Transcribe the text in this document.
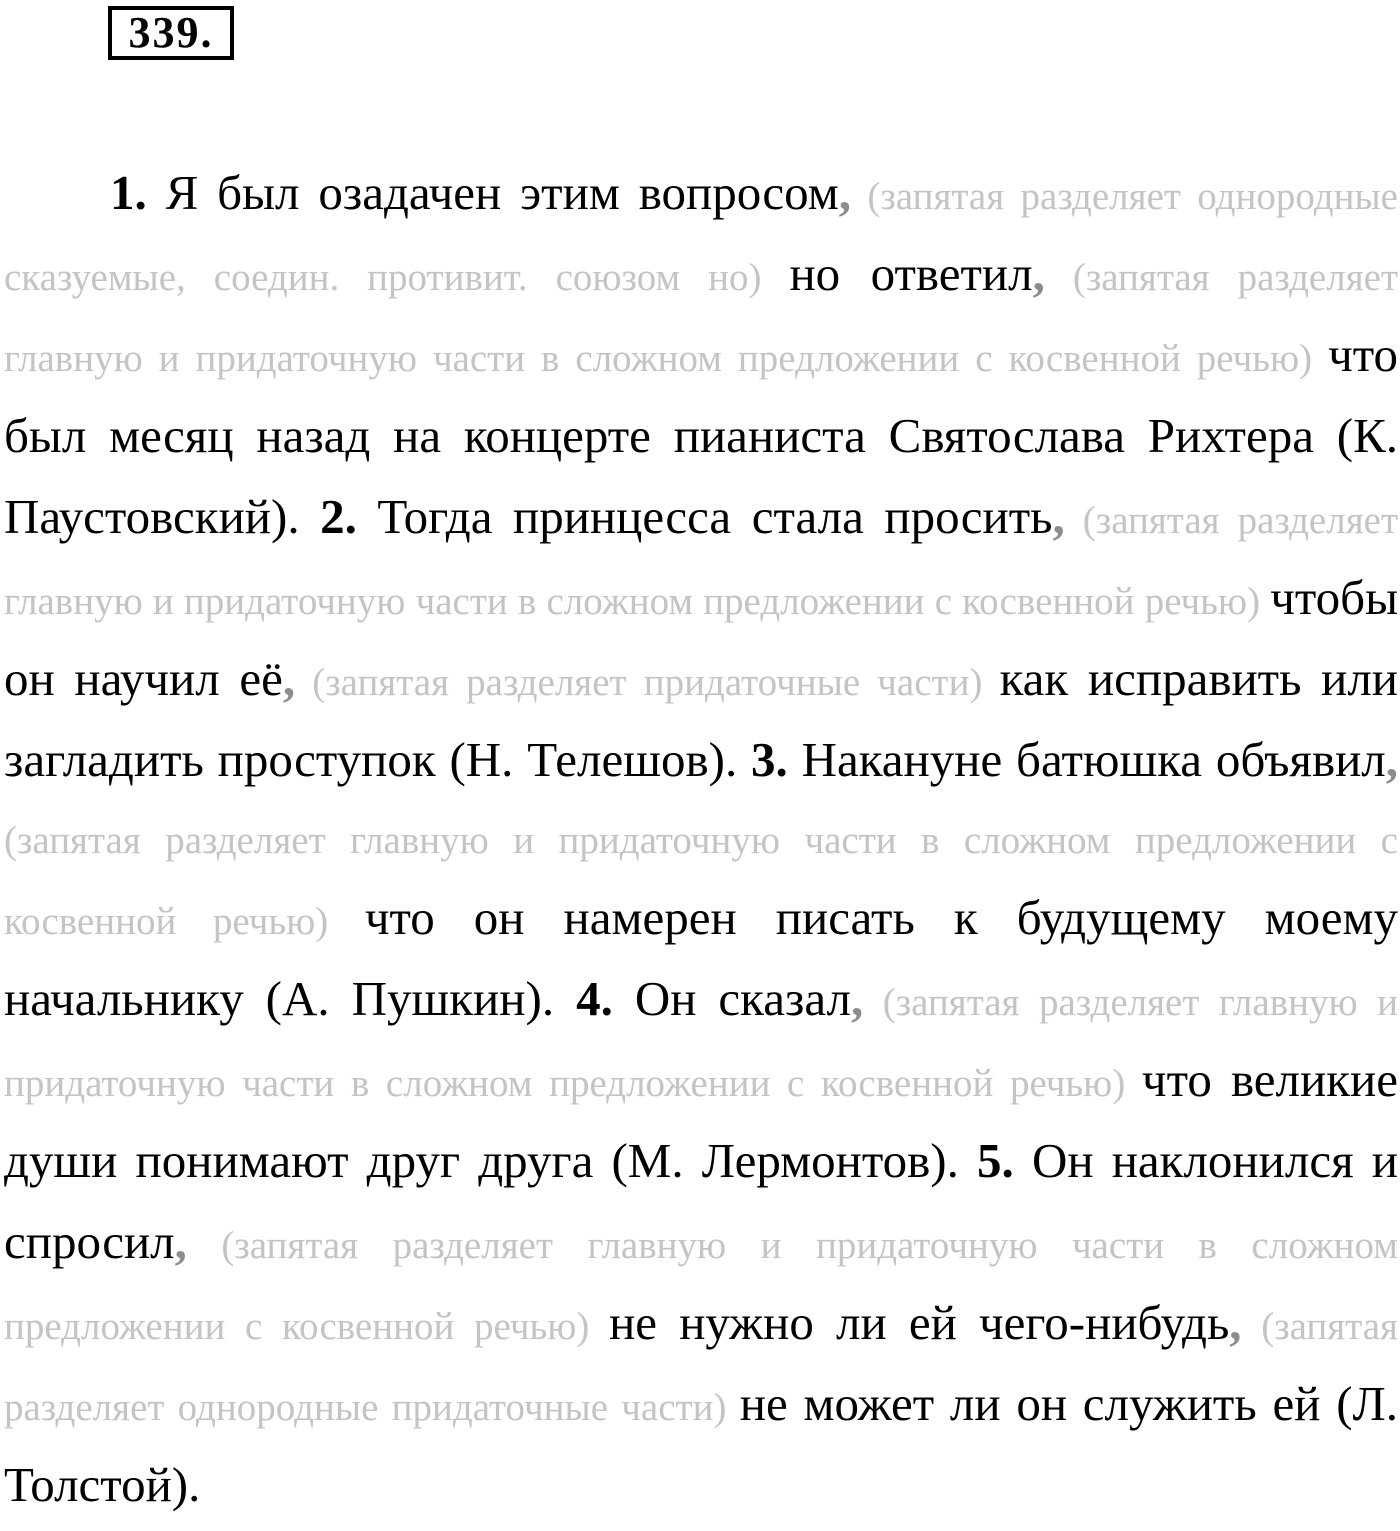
339.

1. Я был озадачен этим вопросом, (запятая разделяет однородные сказуемые, соедин. противит. союзом но) но ответил, (запятая разделяет главную и придаточную части в сложном предложении с косвенной речью) что был месяц назад на концерте пианиста Святослава Рихтера (К. Паустовский). 2. Тогда принцесса стала просить, (запятая разделяет главную и придаточную части в сложном предложении с косвенной речью) чтобы он научил её, (запятая разделяет придаточные части) как исправить или загладить проступок (Н. Телешов). 3. Накануне батюшка объявил, (запятая разделяет главную и придаточную части в сложном предложении с косвенной речью) что он намерен писать к будущему моему начальнику (А. Пушкин). 4. Он сказал, (запятая разделяет главную и придаточную части в сложном предложении с косвенной речью) что великие души понимают друг друга (М. Лермонтов). 5. Он наклонился и спросил, (запятая разделяет главную и придаточную части в сложном предложении с косвенной речью) не нужно ли ей чего-нибудь, (запятая разделяет однородные придаточные части) не может ли он служить ей (Л. Толстой).
